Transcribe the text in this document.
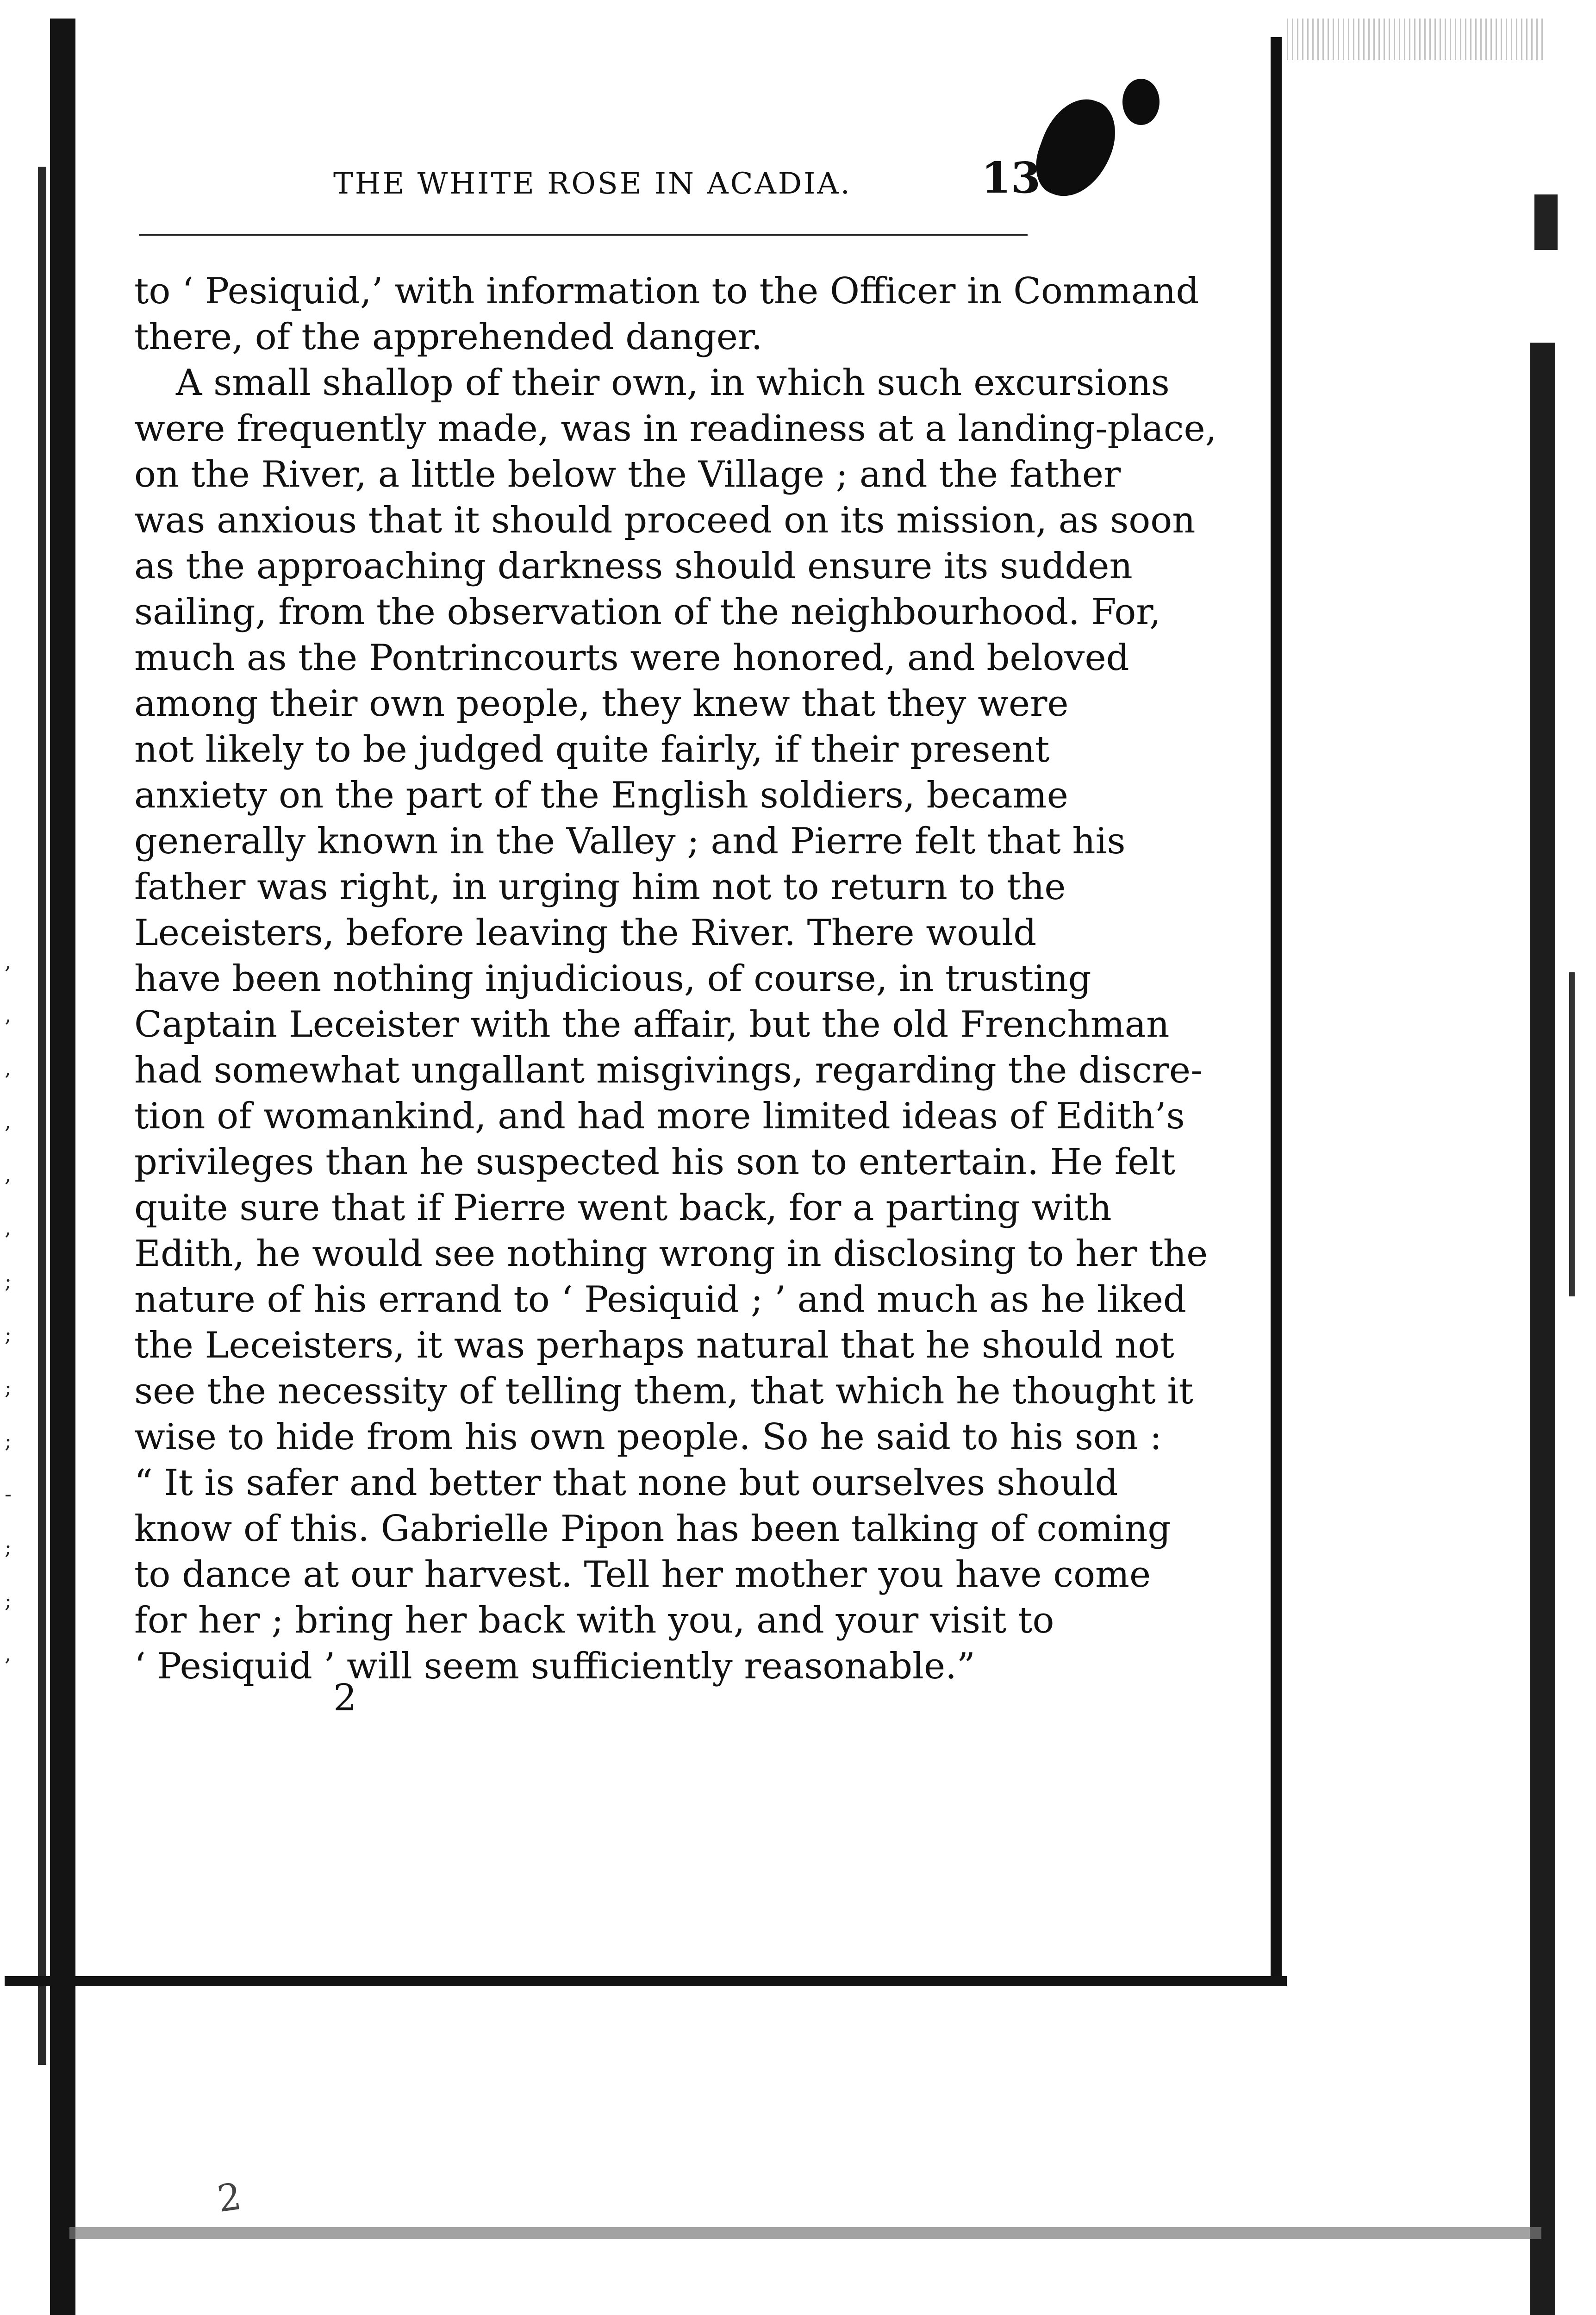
THE WHITE ROSE IN ACADIA.	13
to ‘ Pesiquid,’ with information to the Officer in Command
there, of the apprehended danger.
A small shallop of their own, in which such excursions
were frequently made, was in readiness at a landing-place,
on the River, a little below the Village ; and the father
was anxious that it should proceed on its mission, as soon
as the approaching darkness should ensure its sudden
sailing, from the observation of the neighbourhood. For,
much as the Pontrincourts were honored, and beloved
among their own people, they knew that they were
not likely to be judged quite fairly, if their present
anxiety on the part of the English soldiers, became
generally known in the Valley ; and Pierre felt that his
father was right, in urging him not to return to the
Leceisters, before leaving the River. There would
have been nothing injudicious, of course, in trusting
Captain Leceister with the affair, but the old Frenchman
had somewhat ungallant misgivings, regarding the discre-
tion of womankind, and had more limited ideas of Edith’s
privileges than he suspected his son to entertain. He felt
quite sure that if Pierre went back, for a parting with
Edith, he would see nothing wrong in disclosing to her the
nature of his errand to ‘ Pesiquid ; ’ and much as he liked
the Leceisters, it was perhaps natural that he should not
see the necessity of telling them, that which he thought it
wise to hide from his own people. So he said to his son :
“ It is safer and better that none but ourselves should
know of this. Gabrielle Pipon has been talking of coming
to dance at our harvest. Tell her mother you have come
for her ; bring her back with you, and your visit to
‘ Pesiquid ’ will seem sufficiently reasonable.”
2
2
,
‚
,
,
,
,
;
;
;
;
-
;
;
,
